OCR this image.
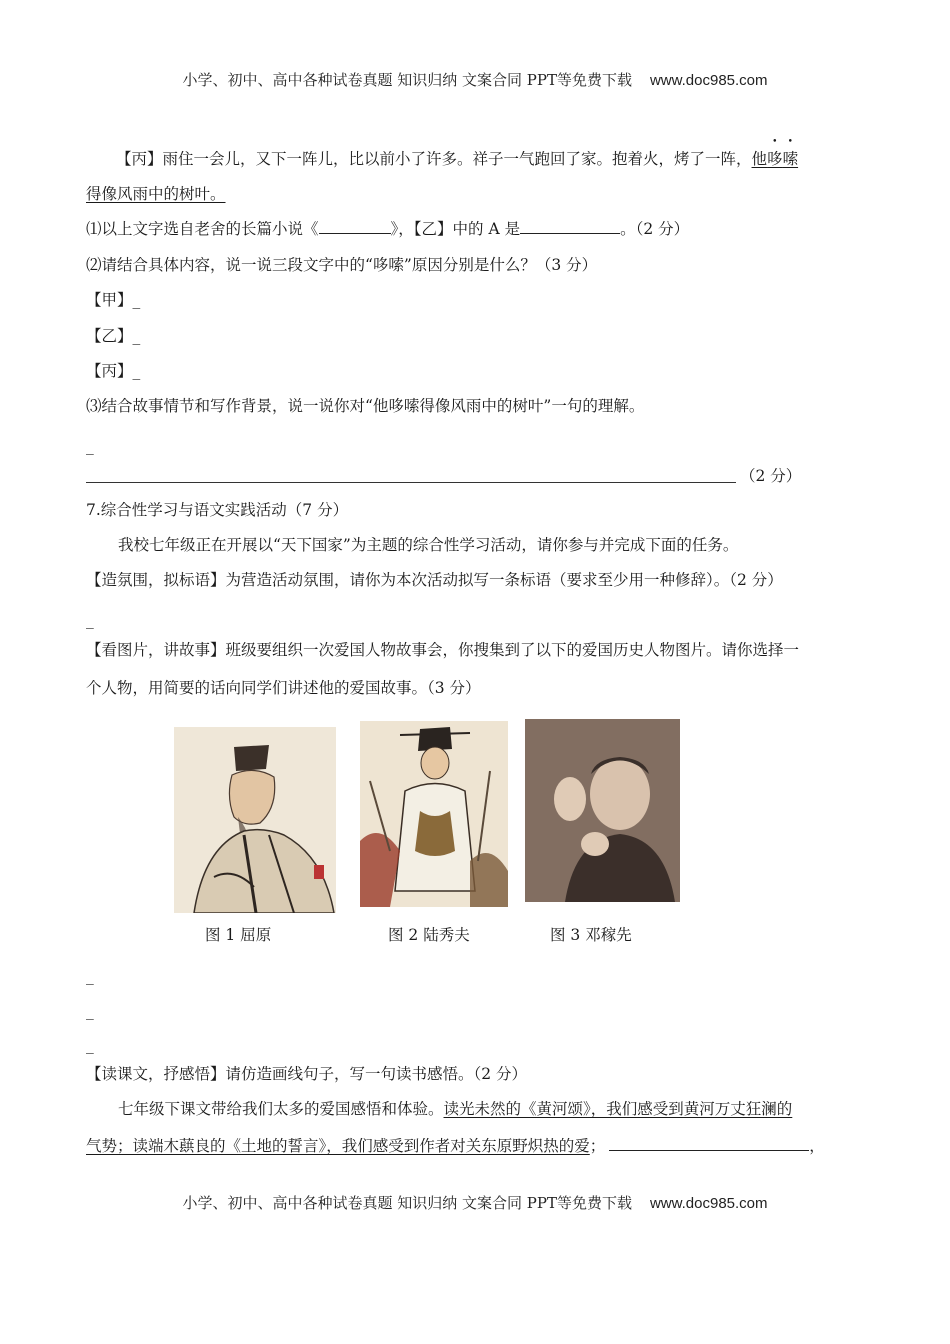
小学、初中、高中各种试卷真题 知识归纳 文案合同 PPT等免费下载 www.doc985.com
【丙】雨住一会儿，又下一阵儿，比以前小了许多。祥子一气跑回了家。抱着火，烤了一阵，他哆嗦
得像风雨中的树叶。
⑴以上文字选自老舍的长篇小说《	》，【乙】中的 A 是	。（2 分）
⑵请结合具体内容，说一说三段文字中的“哆嗦”原因分别是什么？（3 分）
【甲】_
【乙】_
【丙】_
⑶结合故事情节和写作背景，说一说你对“他哆嗦得像风雨中的树叶”一句的理解。
_
（2 分）
7.综合性学习与语文实践活动（7 分）
我校七年级正在开展以“天下国家”为主题的综合性学习活动，请你参与并完成下面的任务。
【造氛围，拟标语】为营造活动氛围，请你为本次活动拟写一条标语（要求至少用一种修辞）。（2 分）
_
【看图片，讲故事】班级要组织一次爱国人物故事会，你搜集到了以下的爱国历史人物图片。请你选择一
个人物，用简要的话向同学们讲述他的爱国故事。（3 分）
图 1 屈原	图 2 陆秀夫	图 3 邓稼先
_
_
_
【读课文，抒感悟】请仿造画线句子，写一句读书感悟。（2 分）
七年级下课文带给我们太多的爱国感悟和体验。读光未然的《黄河颂》，我们感受到黄河万丈狂澜的
气势；读端木蕻良的《土地的誓言》，我们感受到作者对关东原野炽热的爱；	，
小学、初中、高中各种试卷真题 知识归纳 文案合同 PPT等免费下载 www.doc985.com
